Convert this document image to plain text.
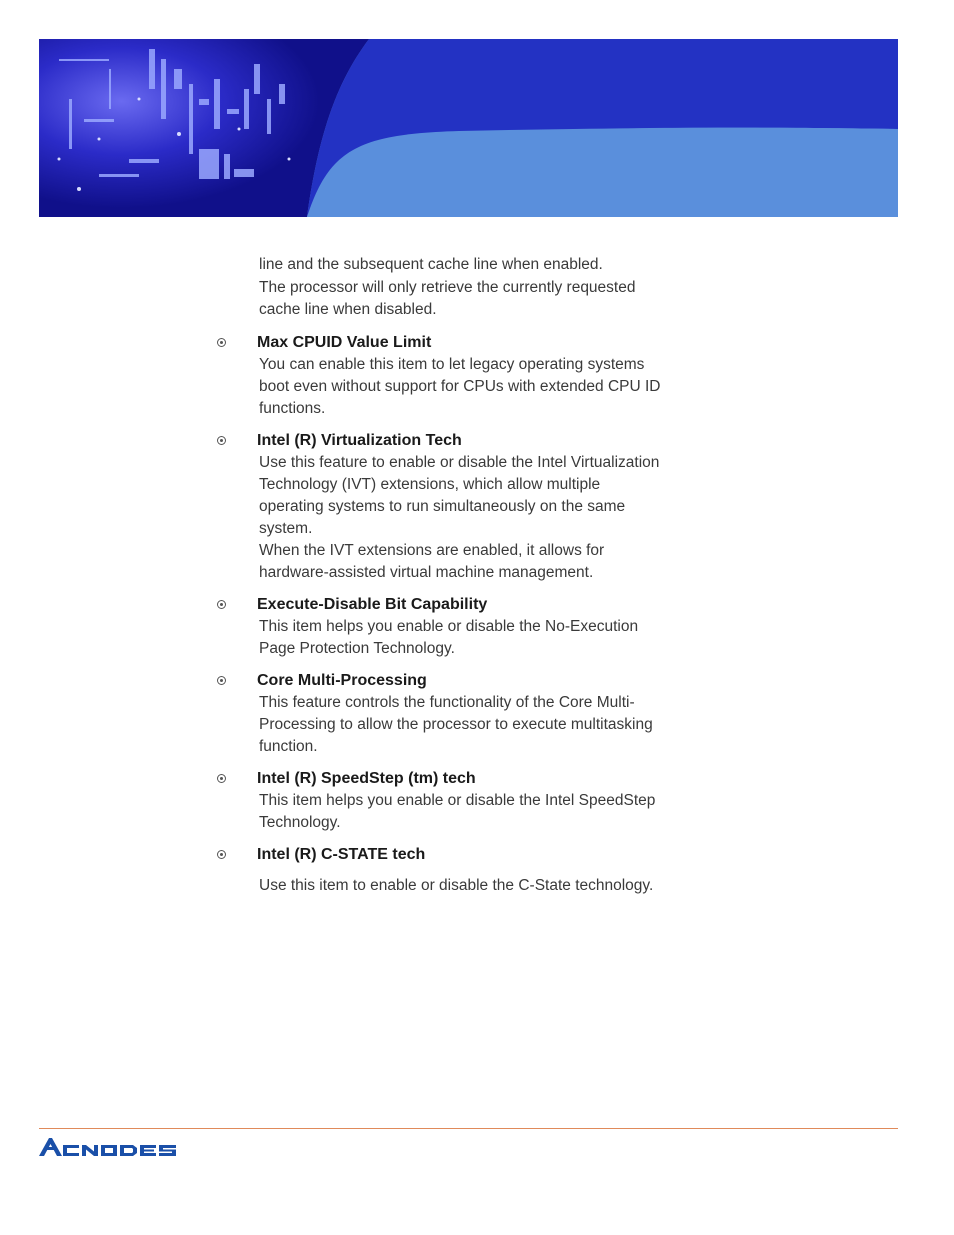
line and the subsequent cache line when enabled.

The processor will only retrieve the currently requested

cache line when disabled.

Max CPUID Value Limit

You can enable this item to let legacy operating systems

boot even without support for CPUs with extended CPU ID

functions.

Intel (R) Virtualization Tech

Use this feature to enable or disable the Intel Virtualization

Technology (IVT) extensions, which allow multiple

operating systems to run simultaneously on the same

system.

When the IVT extensions are enabled, it allows for

hardware-assisted virtual machine management.

Execute-Disable Bit Capability

This item helps you enable or disable the No-Execution

Page Protection Technology.

Core Multi-Processing

This feature controls the functionality of the Core Multi-

Processing to allow the processor to execute multitasking

function.

Intel (R) SpeedStep (tm) tech

This item helps you enable or disable the Intel SpeedStep

Technology.

Intel (R) C-STATE tech

Use this item to enable or disable the C-State technology.
